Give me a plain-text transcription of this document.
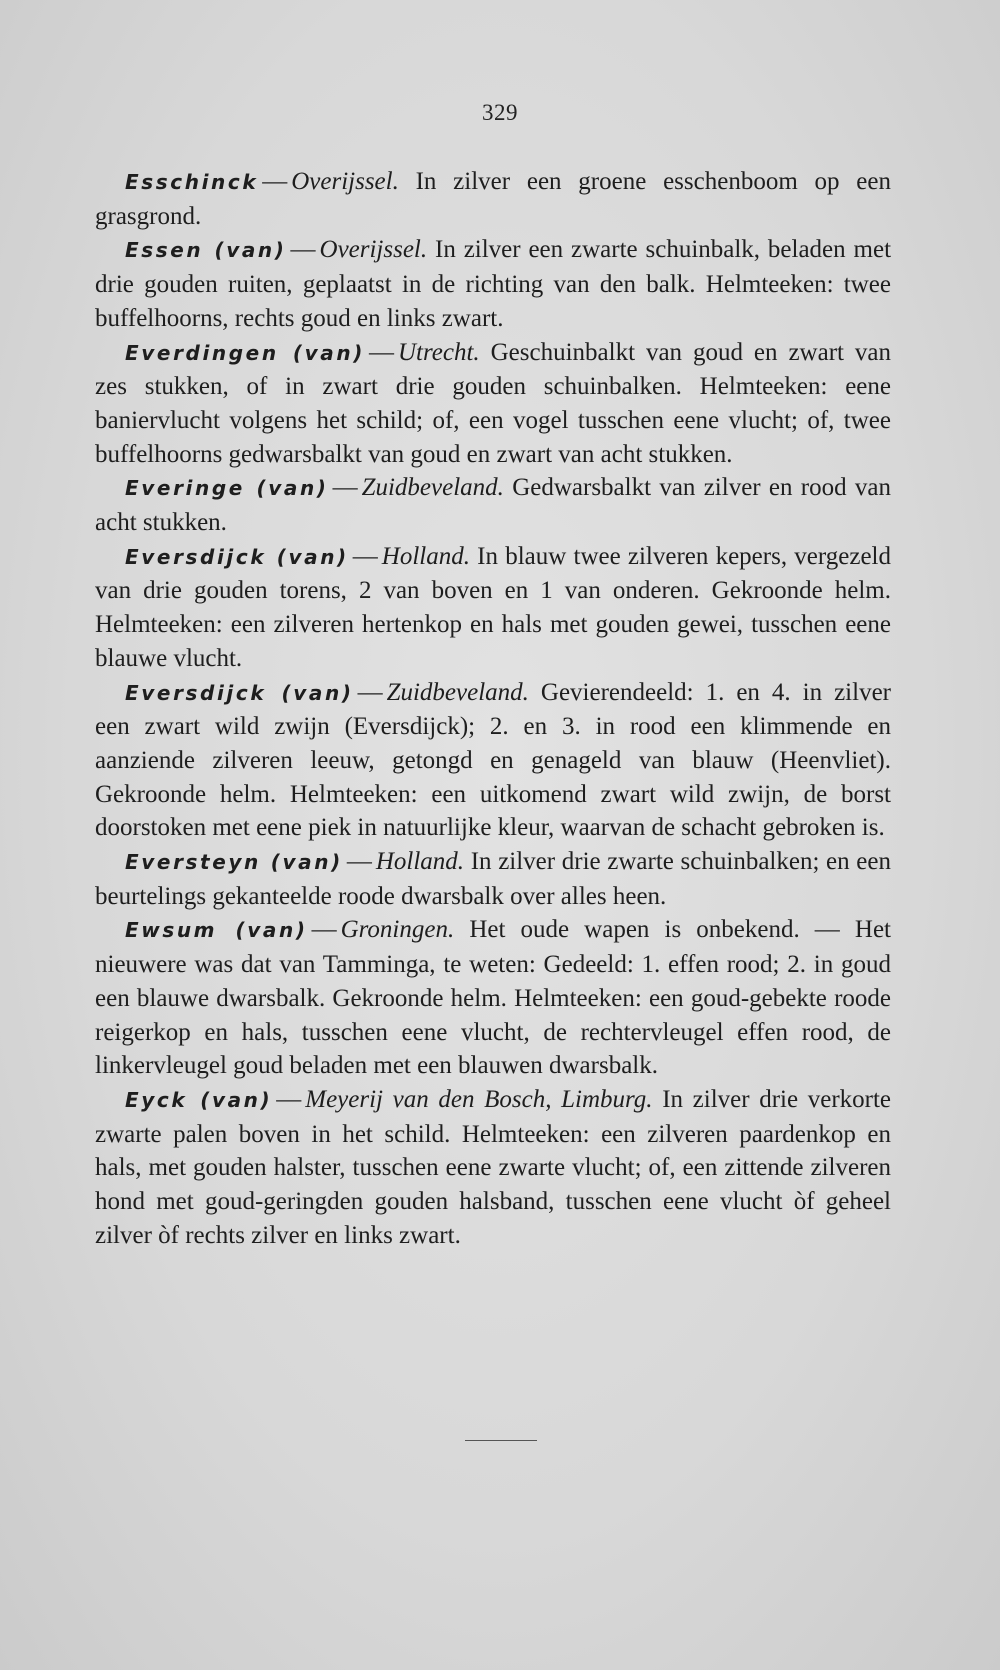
329

Esschinck — Overijssel. In zilver een groene esschenboom op een grasgrond.

Essen (van) — Overijssel. In zilver een zwarte schuinbalk, beladen met drie gouden ruiten, geplaatst in de richting van den balk. Helmteeken: twee buffelhoorns, rechts goud en links zwart.

Everdingen (van) — Utrecht. Geschuinbalkt van goud en zwart van zes stukken, of in zwart drie gouden schuinbalken. Helmteeken: eene baniervlucht volgens het schild; of, een vogel tusschen eene vlucht; of, twee buffelhoorns gedwarsbalkt van goud en zwart van acht stukken.

Everinge (van) — Zuidbeveland. Gedwarsbalkt van zilver en rood van acht stukken.

Eversdijck (van) — Holland. In blauw twee zilveren kepers, vergezeld van drie gouden torens, 2 van boven en 1 van onderen. Gekroonde helm. Helmteeken: een zilveren hertenkop en hals met gouden gewei, tusschen eene blauwe vlucht.

Eversdijck (van) — Zuidbeveland. Gevierendeeld: 1. en 4. in zilver een zwart wild zwijn (Eversdijck); 2. en 3. in rood een klimmende en aanziende zilveren leeuw, getongd en genageld van blauw (Heenvliet). Gekroonde helm. Helmteeken: een uitkomend zwart wild zwijn, de borst doorstoken met eene piek in natuurlijke kleur, waarvan de schacht gebroken is.

Eversteyn (van) — Holland. In zilver drie zwarte schuinbalken; en een beurtelings gekanteelde roode dwarsbalk over alles heen.

Ewsum (van) — Groningen. Het oude wapen is onbekend. — Het nieuwere was dat van Tamminga, te weten: Gedeeld: 1. effen rood; 2. in goud een blauwe dwarsbalk. Gekroonde helm. Helmteeken: een goud-gebekte roode reigerkop en hals, tusschen eene vlucht, de rechtervleugel effen rood, de linkervleugel goud beladen met een blauwen dwarsbalk.

Eyck (van) — Meyerij van den Bosch, Limburg. In zilver drie verkorte zwarte palen boven in het schild. Helmteeken: een zilveren paardenkop en hals, met gouden halster, tusschen eene zwarte vlucht; of, een zittende zilveren hond met goud-geringden gouden halsband, tusschen eene vlucht òf geheel zilver òf rechts zilver en links zwart.
